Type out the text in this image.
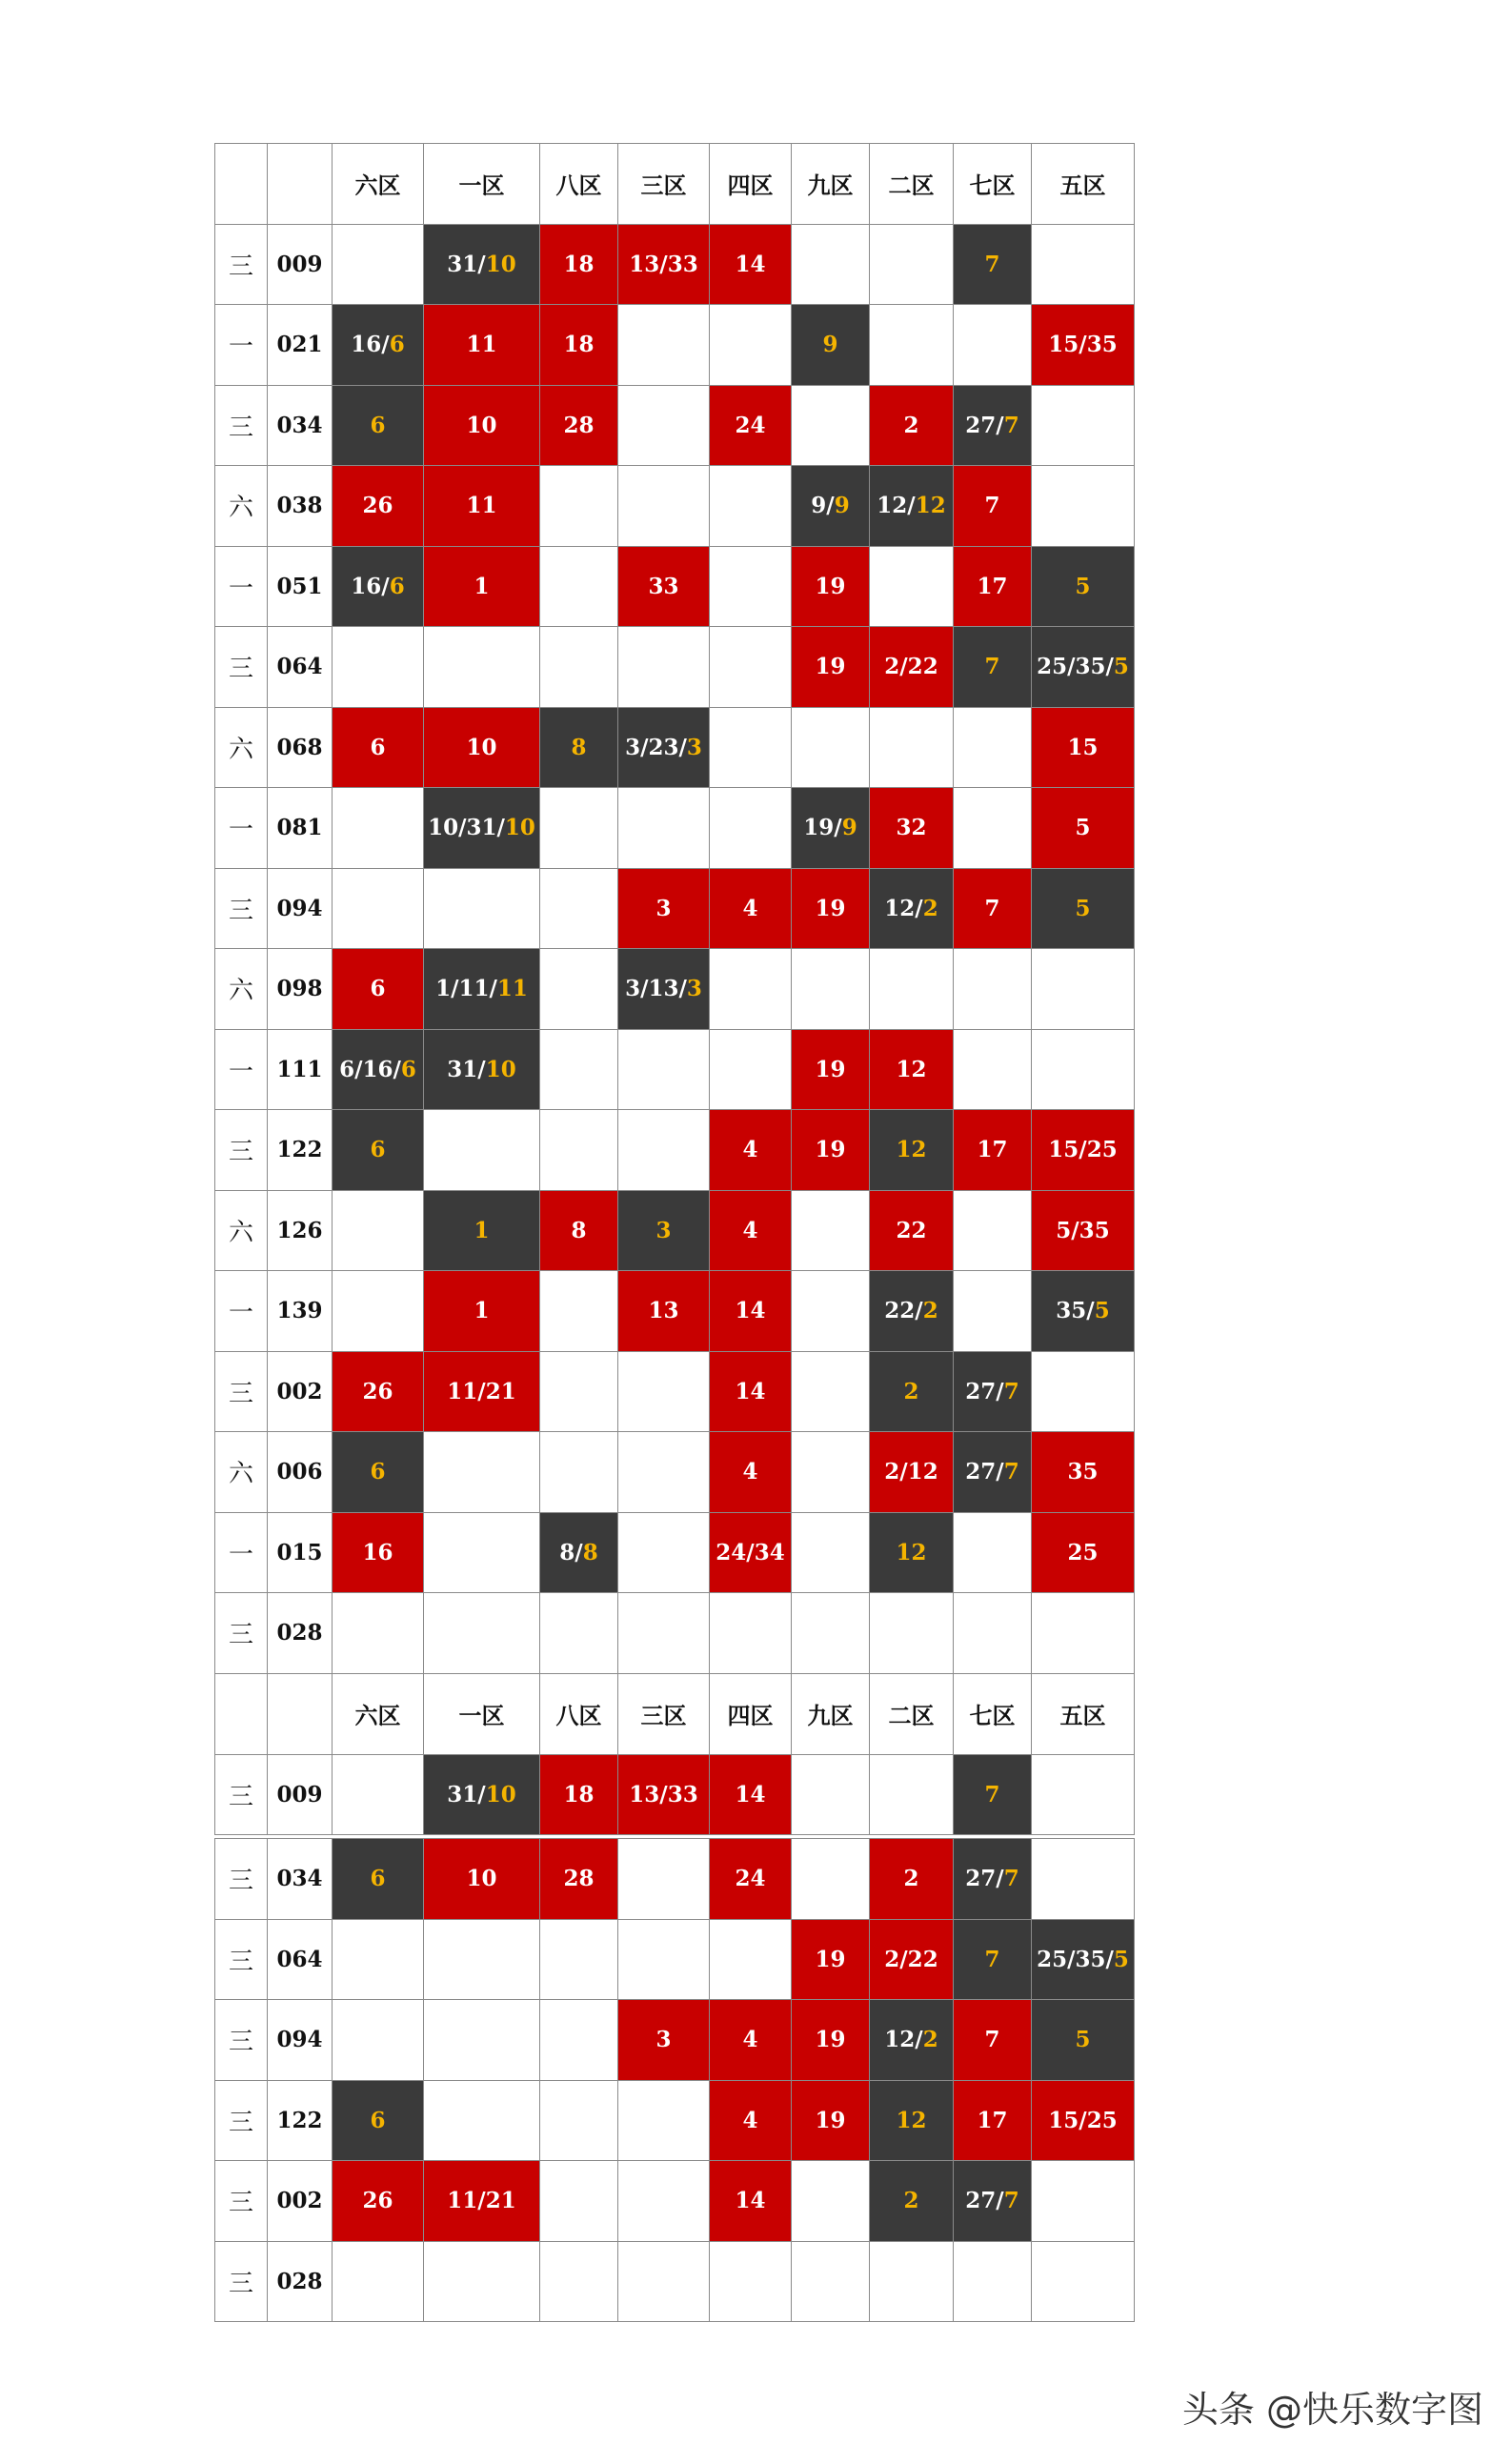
		六区	一区	八区	三区	四区	九区	二区	七区	五区
三	009		31/10	18	13/33	14			7	
一	021	16/6	11	18			9			15/35
三	034	6	10	28		24		2	27/7	
六	038	26	11				9/9	12/12	7	
一	051	16/6	1		33		19		17	5
三	064						19	2/22	7	25/35/5
六	068	6	10	8	3/23/3					15
一	081		10/31/10				19/9	32		5
三	094				3	4	19	12/2	7	5
六	098	6	1/11/11		3/13/3					
一	111	6/16/6	31/10				19	12		
三	122	6				4	19	12	17	15/25
六	126		1	8	3	4		22		5/35
一	139		1		13	14		22/2		35/5
三	002	26	11/21			14		2	27/7	
六	006	6				4		2/12	27/7	35
一	015	16		8/8		24/34		12		25
三	028									
		六区	一区	八区	三区	四区	九区	二区	七区	五区
三	009		31/10	18	13/33	14			7	
三	034	6	10	28		24		2	27/7	
三	064						19	2/22	7	25/35/5
三	094				3	4	19	12/2	7	5
三	122	6				4	19	12	17	15/25
三	002	26	11/21			14		2	27/7	
三	028									
头条 @快乐数字图
